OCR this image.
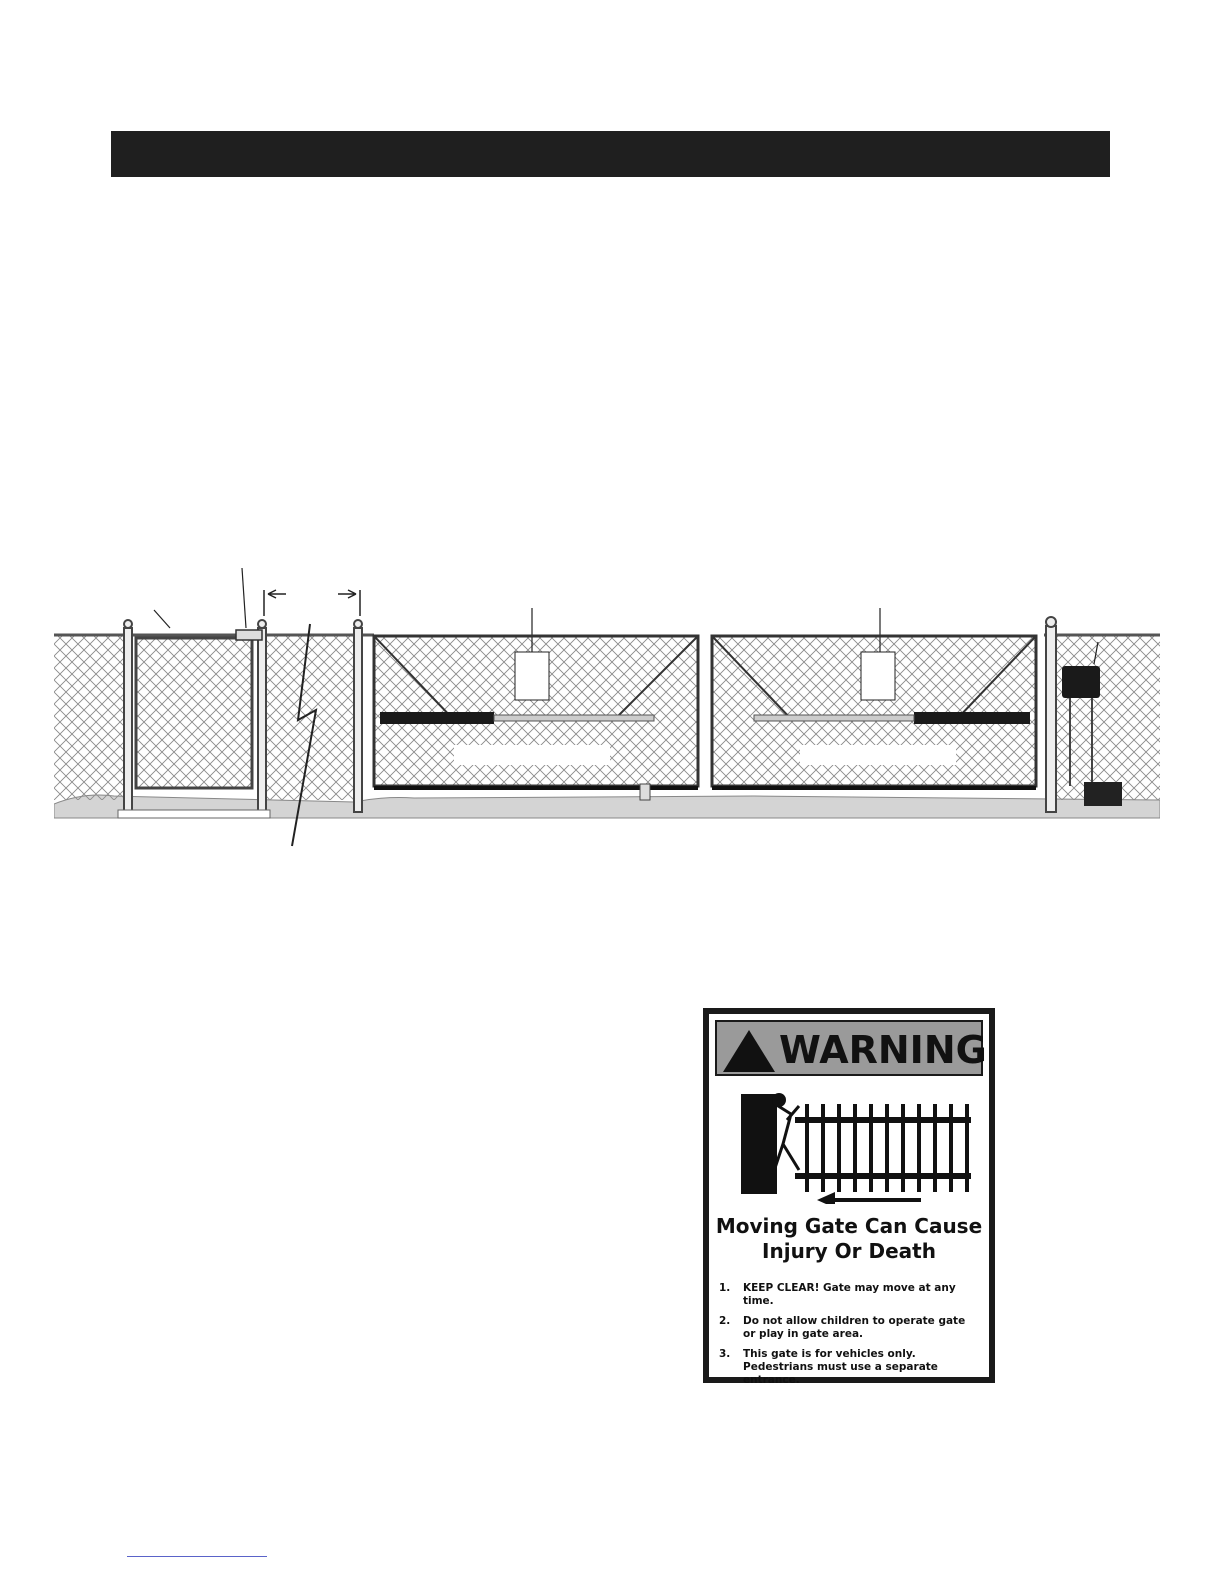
WARNING
Moving Gate Can Cause
Injury Or Death
1.	KEEP CLEAR! Gate may move at any time.
2.	Do not allow children to operate gate or play in gate area.
3.	This gate is for vehicles only. Pedestrians must use a separate entrance.
